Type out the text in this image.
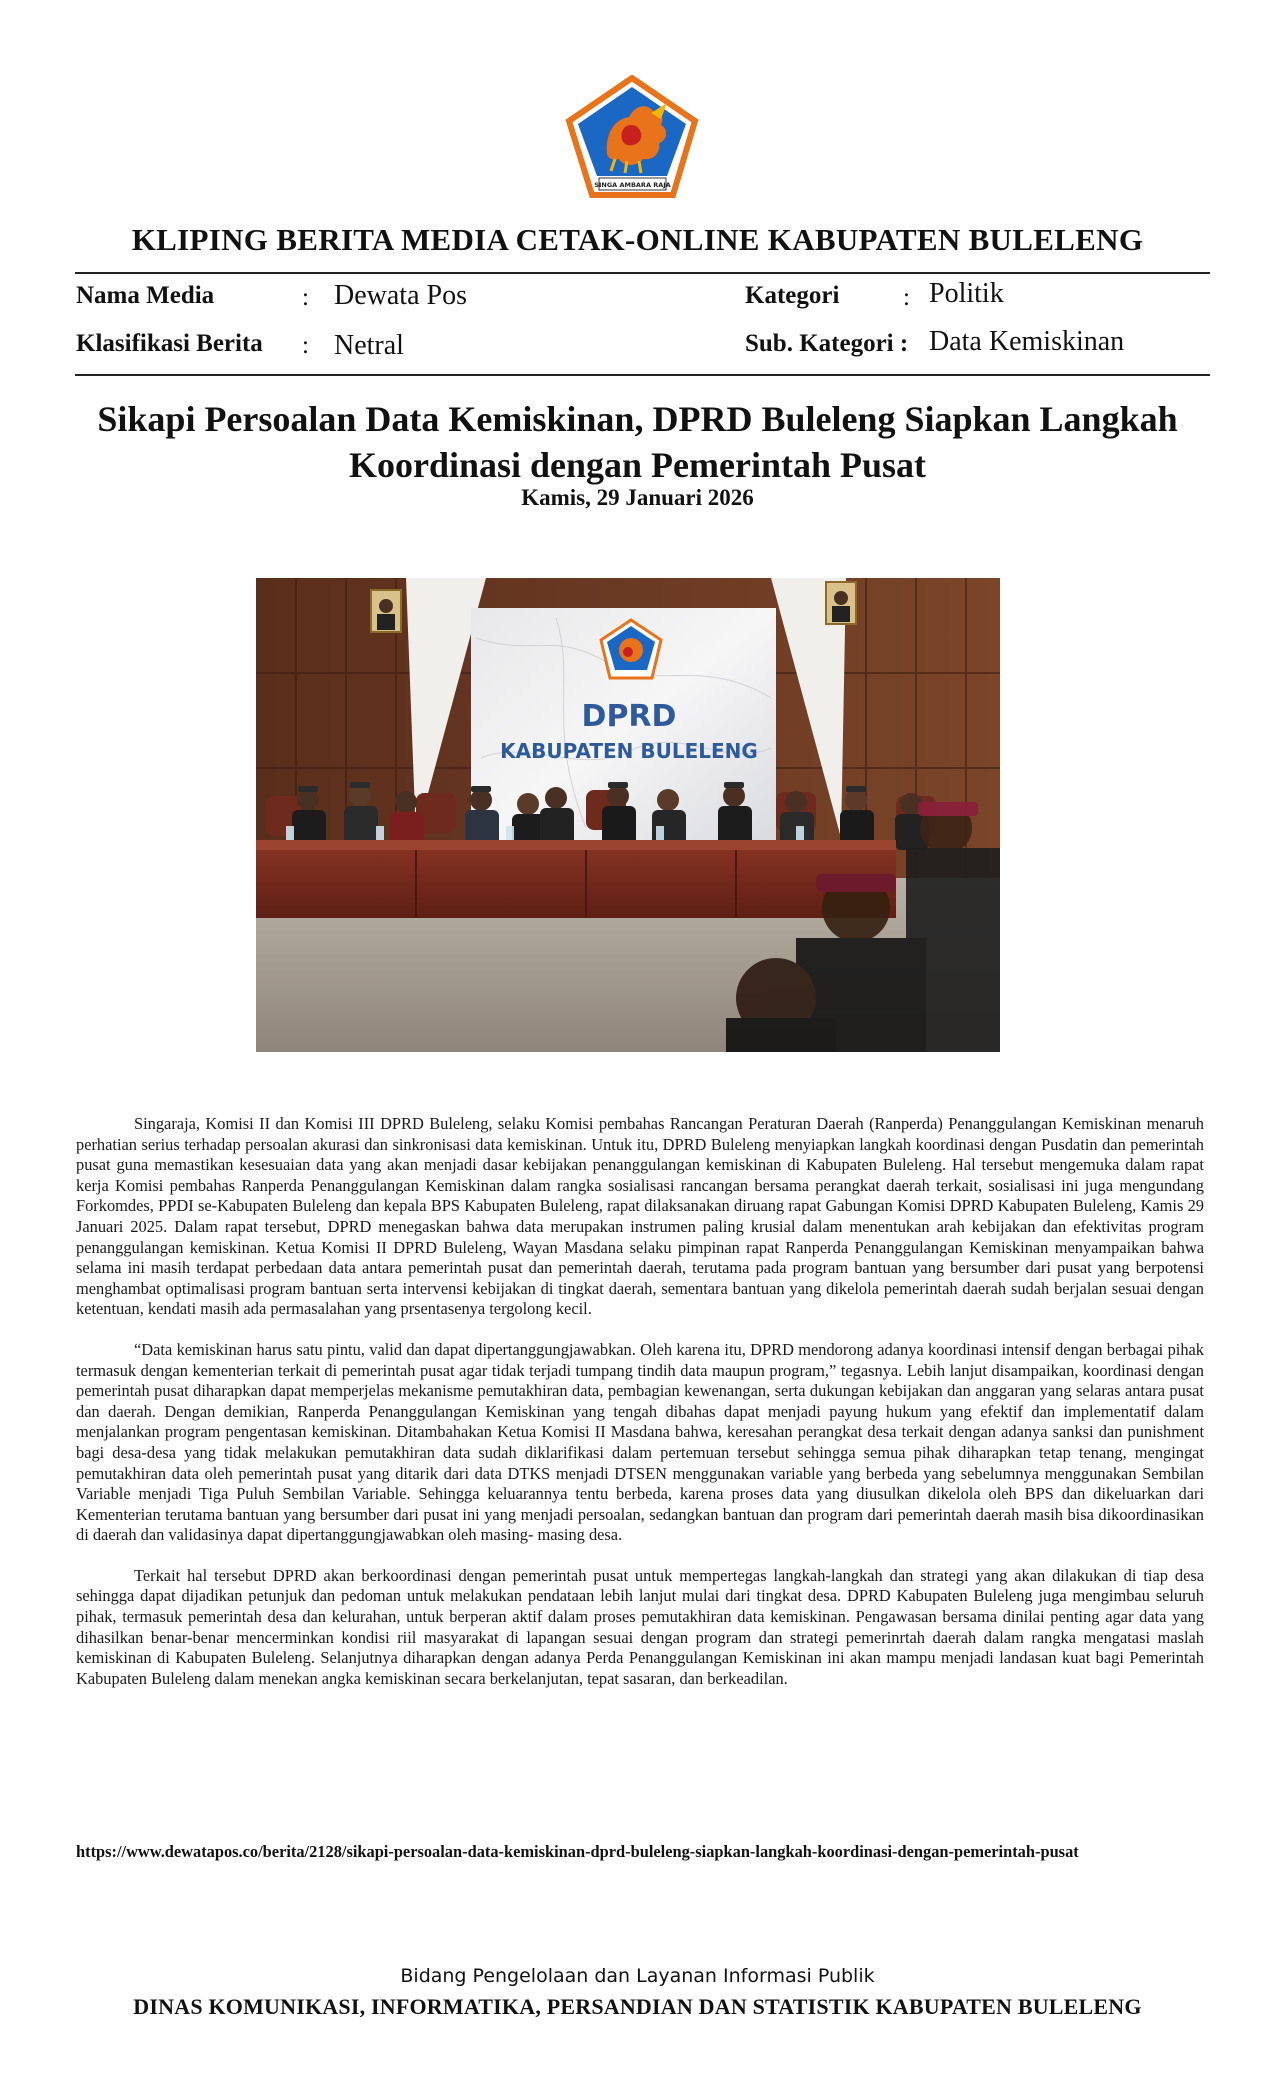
SINGA AMBARA RAJA
KLIPING BERITA MEDIA CETAK-ONLINE KABUPATEN BULELENG
Nama Media	: Dewata Pos
Klasifikasi Berita : Netral
Kategori	: Politik
Sub. Kategori : Data Kemiskinan
Sikapi Persoalan Data Kemiskinan, DPRD Buleleng Siapkan Langkah Koordinasi dengan Pemerintah Pusat
Kamis, 29 Januari 2026
DPRD
KABUPATEN BULELENG

Singaraja, Komisi II dan Komisi III DPRD Buleleng, selaku Komisi pembahas Rancangan Peraturan Daerah (Ranperda) Penanggulangan Kemiskinan menaruh perhatian serius terhadap persoalan akurasi dan sinkronisasi data kemiskinan. Untuk itu, DPRD Buleleng menyiapkan langkah koordinasi dengan Pusdatin dan pemerintah pusat guna memastikan kesesuaian data yang akan menjadi dasar kebijakan penanggulangan kemiskinan di Kabupaten Buleleng. Hal tersebut mengemuka dalam rapat kerja Komisi pembahas Ranperda Penanggulangan Kemiskinan dalam rangka sosialisasi rancangan bersama perangkat daerah terkait, sosialisasi ini juga mengundang Forkomdes, PPDI se-Kabupaten Buleleng dan kepala BPS Kabupaten Buleleng, rapat dilaksanakan diruang rapat Gabungan Komisi DPRD Kabupaten Buleleng, Kamis 29 Januari 2025. Dalam rapat tersebut, DPRD menegaskan bahwa data merupakan instrumen paling krusial dalam menentukan arah kebijakan dan efektivitas program penanggulangan kemiskinan. Ketua Komisi II DPRD Buleleng, Wayan Masdana selaku pimpinan rapat Ranperda Penanggulangan Kemiskinan menyampaikan bahwa selama ini masih terdapat perbedaan data antara pemerintah pusat dan pemerintah daerah, terutama pada program bantuan yang bersumber dari pusat yang berpotensi menghambat optimalisasi program bantuan serta intervensi kebijakan di tingkat daerah, sementara bantuan yang dikelola pemerintah daerah sudah berjalan sesuai dengan ketentuan, kendati masih ada permasalahan yang prsentasenya tergolong kecil.

“Data kemiskinan harus satu pintu, valid dan dapat dipertanggungjawabkan. Oleh karena itu, DPRD mendorong adanya koordinasi intensif dengan berbagai pihak termasuk dengan kementerian terkait di pemerintah pusat agar tidak terjadi tumpang tindih data maupun program,” tegasnya. Lebih lanjut disampaikan, koordinasi dengan pemerintah pusat diharapkan dapat memperjelas mekanisme pemutakhiran data, pembagian kewenangan, serta dukungan kebijakan dan anggaran yang selaras antara pusat dan daerah. Dengan demikian, Ranperda Penanggulangan Kemiskinan yang tengah dibahas dapat menjadi payung hukum yang efektif dan implementatif dalam menjalankan program pengentasan kemiskinan. Ditambahakan Ketua Komisi II Masdana bahwa, keresahan perangkat desa terkait dengan adanya sanksi dan punishment bagi desa-desa yang tidak melakukan pemutakhiran data sudah diklarifikasi dalam pertemuan tersebut sehingga semua pihak diharapkan tetap tenang, mengingat pemutakhiran data oleh pemerintah pusat yang ditarik dari data DTKS menjadi DTSEN menggunakan variable yang berbeda yang sebelumnya menggunakan Sembilan Variable menjadi Tiga Puluh Sembilan Variable. Sehingga keluarannya tentu berbeda, karena proses data yang diusulkan dikelola oleh BPS dan dikeluarkan dari Kementerian terutama bantuan yang bersumber dari pusat ini yang menjadi persoalan, sedangkan bantuan dan program dari pemerintah daerah masih bisa dikoordinasikan di daerah dan validasinya dapat dipertanggungjawabkan oleh masing- masing desa.

Terkait hal tersebut DPRD akan berkoordinasi dengan pemerintah pusat untuk mempertegas langkah-langkah dan strategi yang akan dilakukan di tiap desa sehingga dapat dijadikan petunjuk dan pedoman untuk melakukan pendataan lebih lanjut mulai dari tingkat desa. DPRD Kabupaten Buleleng juga mengimbau seluruh pihak, termasuk pemerintah desa dan kelurahan, untuk berperan aktif dalam proses pemutakhiran data kemiskinan. Pengawasan bersama dinilai penting agar data yang dihasilkan benar-benar mencerminkan kondisi riil masyarakat di lapangan sesuai dengan program dan strategi pemerinrtah daerah dalam rangka mengatasi maslah kemiskinan di Kabupaten Buleleng. Selanjutnya diharapkan dengan adanya Perda Penanggulangan Kemiskinan ini akan mampu menjadi landasan kuat bagi Pemerintah Kabupaten Buleleng dalam menekan angka kemiskinan secara berkelanjutan, tepat sasaran, dan berkeadilan.

https://www.dewatapos.co/berita/2128/sikapi-persoalan-data-kemiskinan-dprd-buleleng-siapkan-langkah-koordinasi-dengan-pemerintah-pusat
Bidang Pengelolaan dan Layanan Informasi Publik
DINAS KOMUNIKASI, INFORMATIKA, PERSANDIAN DAN STATISTIK KABUPATEN BULELENG
